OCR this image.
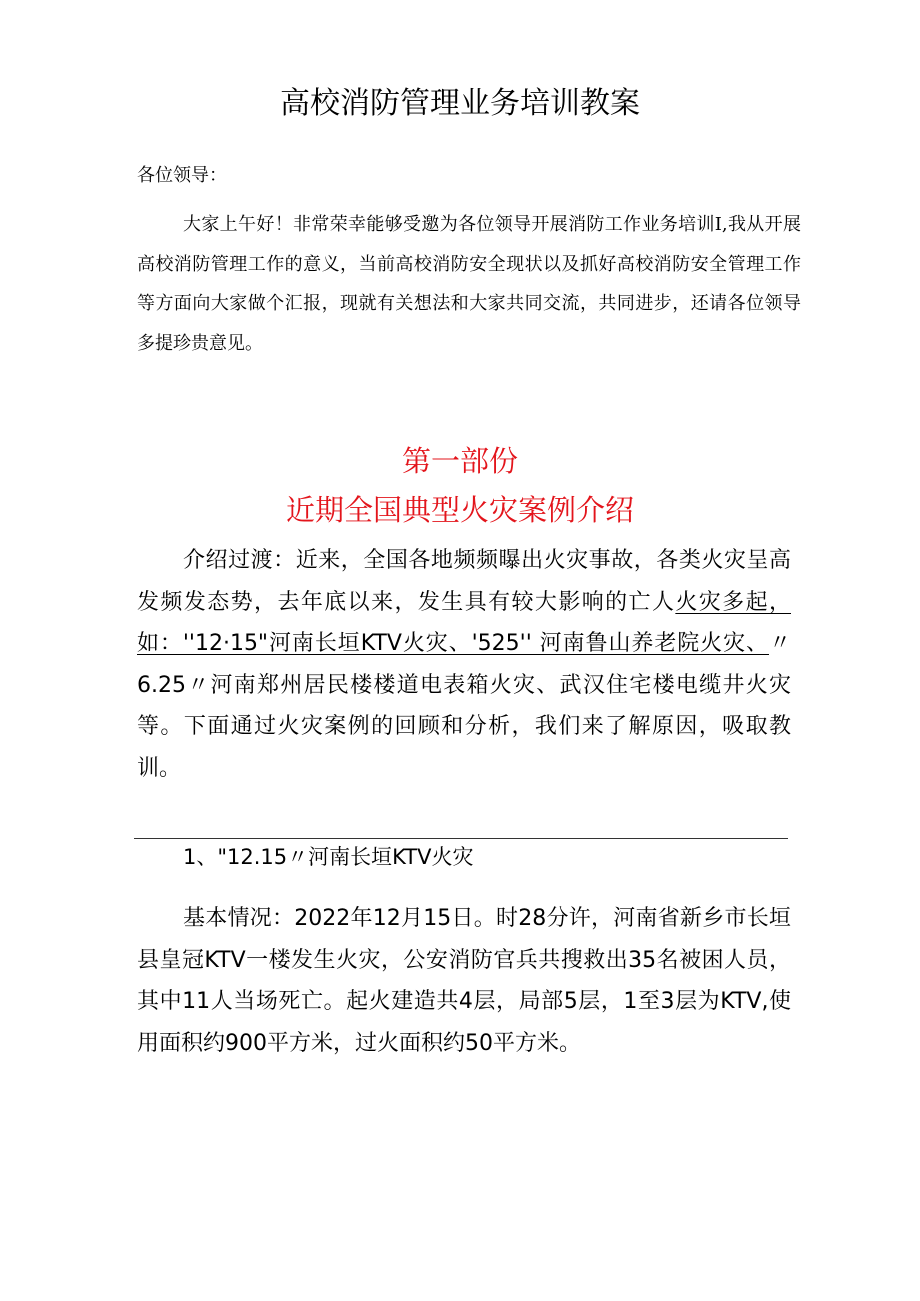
高校消防管理业务培训教案

各位领导：

大家上午好！非常荣幸能够受邀为各位领导开展消防工作业务培训I,我从开展高校消防管理工作的意义，当前高校消防安全现状以及抓好高校消防安全管理工作等方面向大家做个汇报，现就有关想法和大家共同交流，共同进步，还请各位领导多提珍贵意见。

第一部份
近期全国典型火灾案例介绍

介绍过渡：近来，全国各地频频曝出火灾事故，各类火灾呈高发频发态势，去年底以来，发生具有较大影响的亡人火灾多起，如：''12·15"河南长垣KTV火灾、'525'' 河南鲁山养老院火灾、〃6.25〃河南郑州居民楼楼道电表箱火灾、武汉住宅楼电缆井火灾等。下面通过火灾案例的回顾和分析，我们来了解原因，吸取教训。

1、"12.15〃河南长垣KTV火灾

基本情况：2022年12月15日。时28分许，河南省新乡市长垣县皇冠KTV一楼发生火灾，公安消防官兵共搜救出35名被困人员，其中11人当场死亡。起火建造共4层，局部5层，1至3层为KTV,使用面积约900平方米，过火面积约50平方米。
